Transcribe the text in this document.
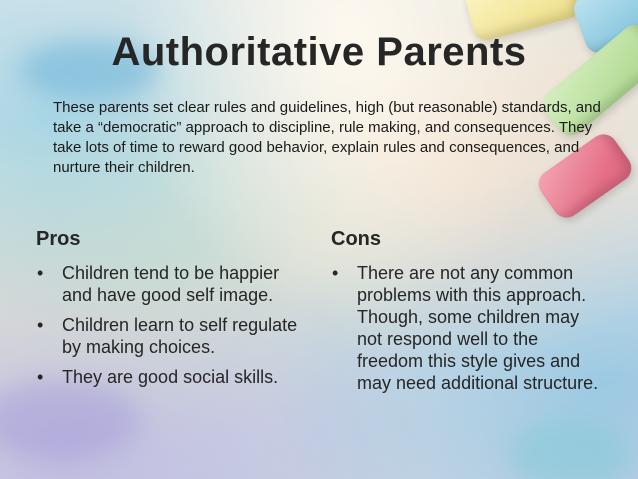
Authoritative Parents
These parents set clear rules and guidelines, high (but reasonable) standards, and take a “democratic” approach to discipline, rule making, and consequences. They take lots of time to reward good behavior, explain rules and consequences, and nurture their children.
Pros
• Children tend to be happier and have good self image.
• Children learn to self regulate by making choices.
• They are good social skills.
Cons
• There are not any common problems with this approach. Though, some children may not respond well to the freedom this style gives and may need additional structure.
